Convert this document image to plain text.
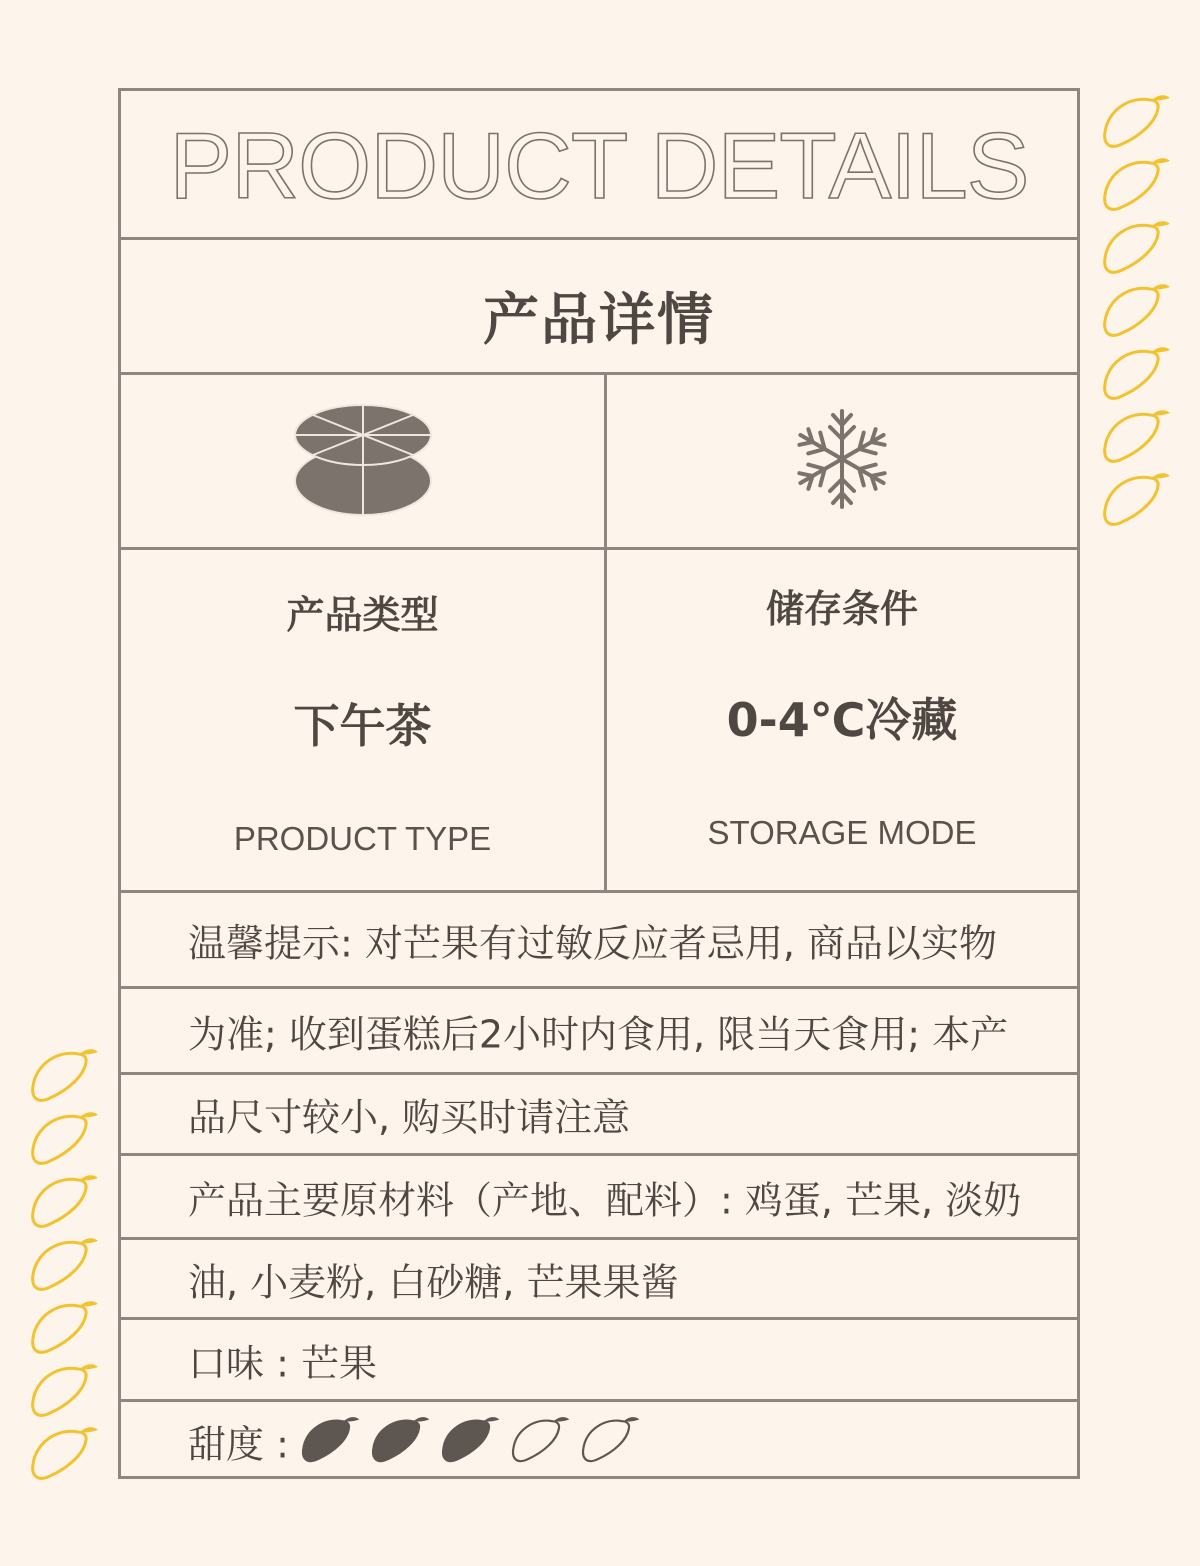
PRODUCT DETAILS
产品详情
产品类型
下午茶
PRODUCT TYPE
储存条件
0-4℃冷藏
STORAGE MODE
温馨提示: 对芒果有过敏反应者忌用, 商品以实物
为准; 收到蛋糕后2小时内食用, 限当天食用; 本产
品尺寸较小, 购买时请注意
产品主要原材料（产地、配料）: 鸡蛋, 芒果, 淡奶
油, 小麦粉, 白砂糖, 芒果果酱
口味 : 芒果
甜度 :
